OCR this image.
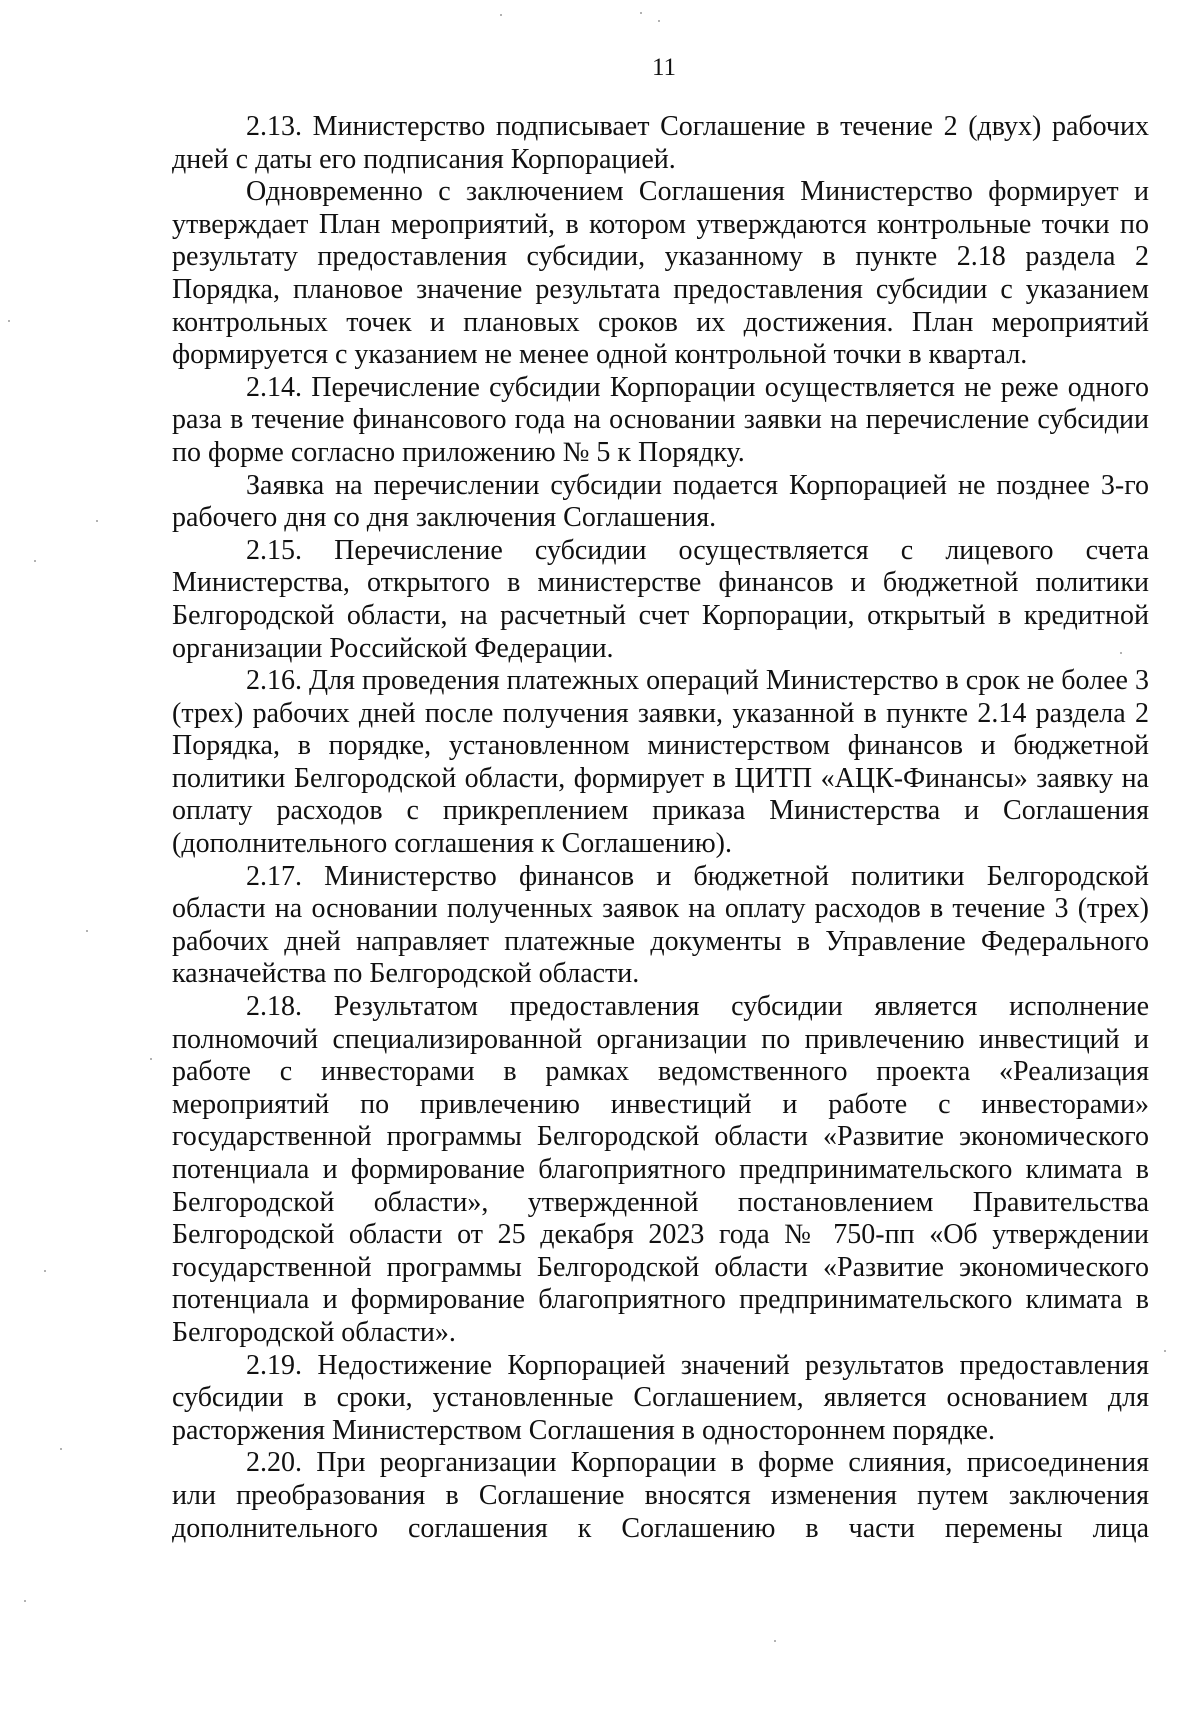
11

2.13. Министерство подписывает Соглашение в течение 2 (двух) рабочих дней с даты его подписания Корпорацией.

Одновременно с заключением Соглашения Министерство формирует и утверждает План мероприятий, в котором утверждаются контрольные точки по результату предоставления субсидии, указанному в пункте 2.18 раздела 2 Порядка, плановое значение результата предоставления субсидии с указанием контрольных точек и плановых сроков их достижения. План мероприятий формируется с указанием не менее одной контрольной точки в квартал.

2.14. Перечисление субсидии Корпорации осуществляется не реже одного раза в течение финансового года на основании заявки на перечисление субсидии по форме согласно приложению № 5 к Порядку.

Заявка на перечислении субсидии подается Корпорацией не позднее 3-го рабочего дня со дня заключения Соглашения.

2.15. Перечисление субсидии осуществляется с лицевого счета Министерства, открытого в министерстве финансов и бюджетной политики Белгородской области, на расчетный счет Корпорации, открытый в кредитной организации Российской Федерации.

2.16. Для проведения платежных операций Министерство в срок не более 3 (трех) рабочих дней после получения заявки, указанной в пункте 2.14 раздела 2 Порядка, в порядке, установленном министерством финансов и бюджетной политики Белгородской области, формирует в ЦИТП «АЦК-Финансы» заявку на оплату расходов с прикреплением приказа Министерства и Соглашения (дополнительного соглашения к Соглашению).

2.17. Министерство финансов и бюджетной политики Белгородской области на основании полученных заявок на оплату расходов в течение 3 (трех) рабочих дней направляет платежные документы в Управление Федерального казначейства по Белгородской области.

2.18. Результатом предоставления субсидии является исполнение полномочий специализированной организации по привлечению инвестиций и работе с инвесторами в рамках ведомственного проекта «Реализация мероприятий по привлечению инвестиций и работе с инвесторами» государственной программы Белгородской области «Развитие экономического потенциала и формирование благоприятного предпринимательского климата в Белгородской области», утвержденной постановлением Правительства Белгородской области от 25 декабря 2023 года № 750-пп «Об утверждении государственной программы Белгородской области «Развитие экономического потенциала и формирование благоприятного предпринимательского климата в Белгородской области».

2.19. Недостижение Корпорацией значений результатов предоставления субсидии в сроки, установленные Соглашением, является основанием для расторжения Министерством Соглашения в одностороннем порядке.

2.20. При реорганизации Корпорации в форме слияния, присоединения или преобразования в Соглашение вносятся изменения путем заключения дополнительного соглашения к Соглашению в части перемены лица
